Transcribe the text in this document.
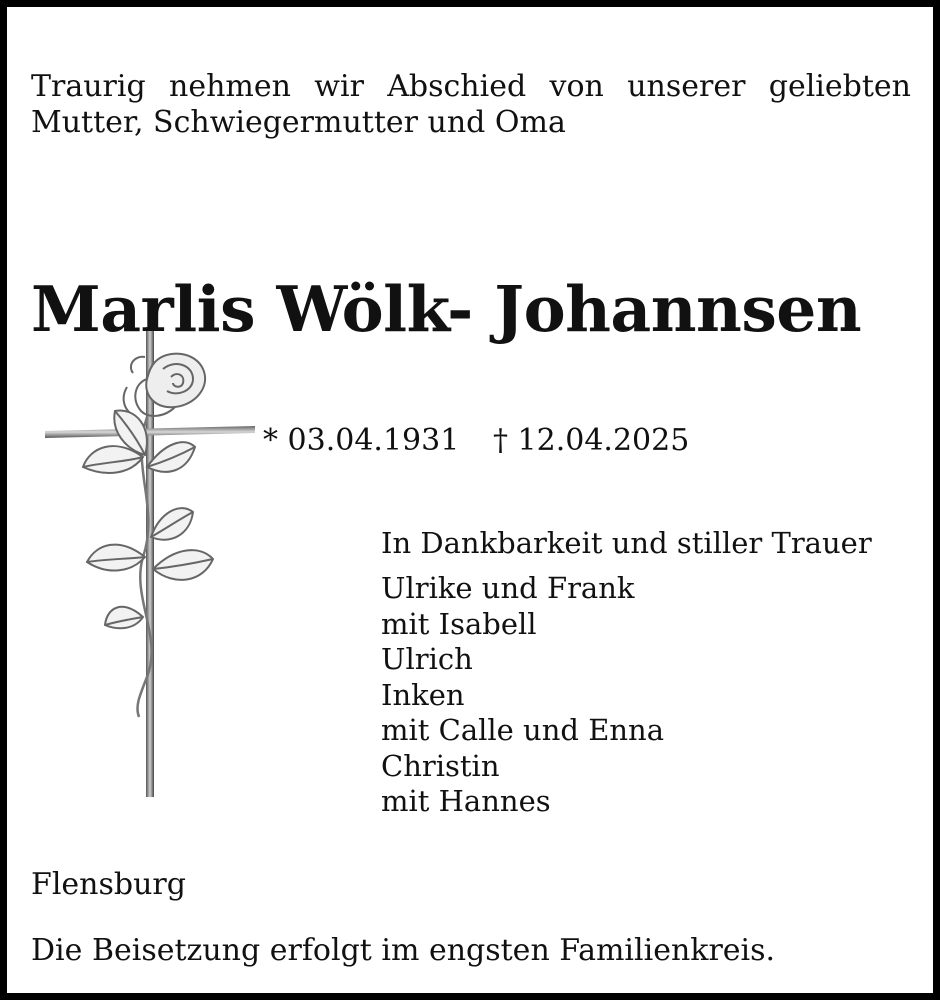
Traurig nehmen wir Abschied von unserer geliebten Mutter, Schwiegermutter und Oma

Marlis Wölk- Johannsen
* 03.04.1931 † 12.04.2025

In Dankbarkeit und stiller Trauer

Ulrike und Frank
mit Isabell
Ulrich
Inken
mit Calle und Enna
Christin
mit Hannes
Flensburg
Die Beisetzung erfolgt im engsten Familienkreis.
